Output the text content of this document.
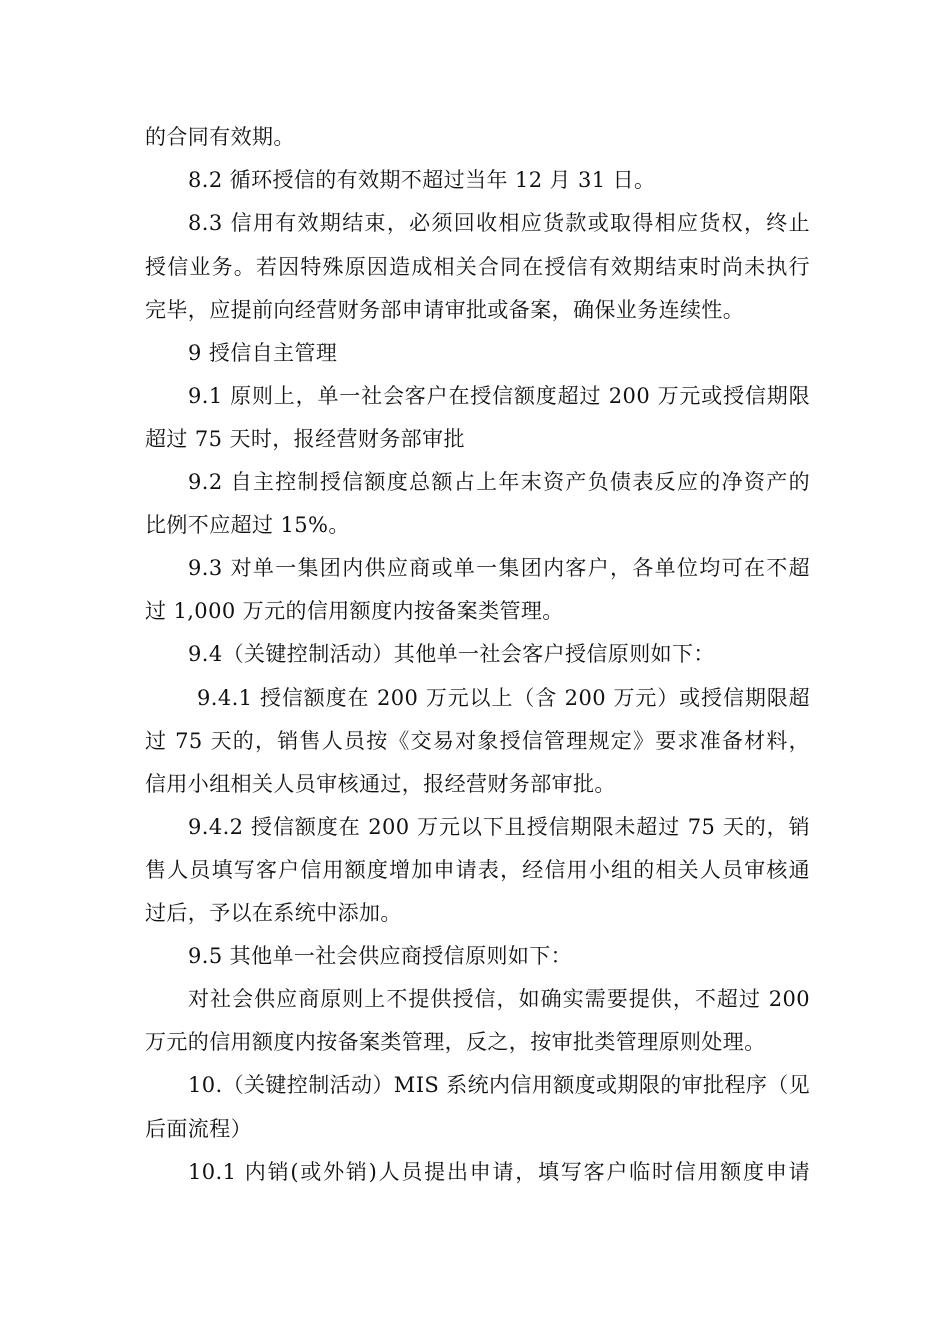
的合同有效期。
8.2 循环授信的有效期不超过当年 12 月 31 日。
8.3 信用有效期结束，必须回收相应货款或取得相应货权，终止
授信业务。若因特殊原因造成相关合同在授信有效期结束时尚未执行
完毕，应提前向经营财务部申请审批或备案，确保业务连续性。
9 授信自主管理
9.1 原则上，单一社会客户在授信额度超过 200 万元或授信期限
超过 75 天时，报经营财务部审批
9.2 自主控制授信额度总额占上年末资产负债表反应的净资产的
比例不应超过 15%。
9.3 对单一集团内供应商或单一集团内客户，各单位均可在不超
过 1,000 万元的信用额度内按备案类管理。
9.4（关键控制活动）其他单一社会客户授信原则如下：
9.4.1 授信额度在 200 万元以上（含 200 万元）或授信期限超
过 75 天的，销售人员按《交易对象授信管理规定》要求准备材料，
信用小组相关人员审核通过，报经营财务部审批。
9.4.2 授信额度在 200 万元以下且授信期限未超过 75 天的，销
售人员填写客户信用额度增加申请表，经信用小组的相关人员审核通
过后，予以在系统中添加。
9.5 其他单一社会供应商授信原则如下：
对社会供应商原则上不提供授信，如确实需要提供，不超过 200
万元的信用额度内按备案类管理，反之，按审批类管理原则处理。
10.（关键控制活动）MIS 系统内信用额度或期限的审批程序（见
后面流程）
10.1 内销(或外销)人员提出申请，填写客户临时信用额度申请
